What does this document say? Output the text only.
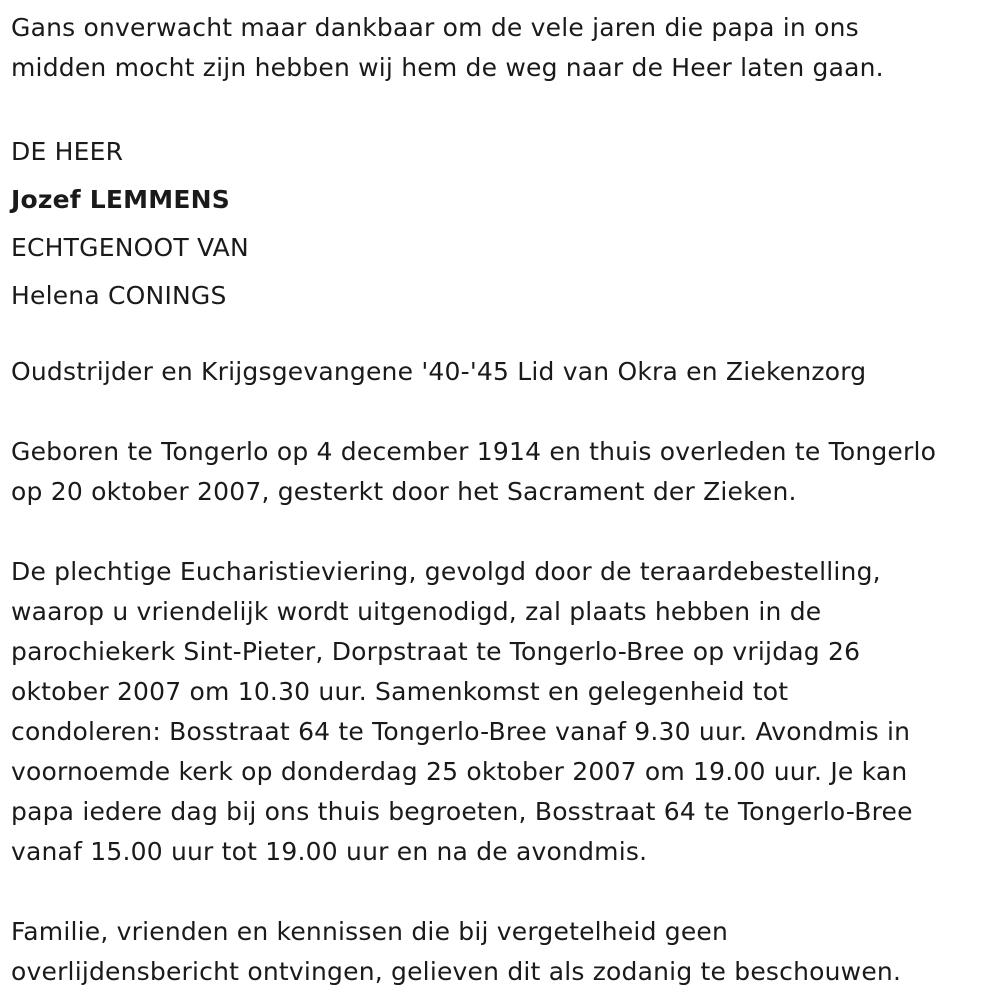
Gans onverwacht maar dankbaar om de vele jaren die papa in ons
midden mocht zijn hebben wij hem de weg naar de Heer laten gaan.

DE HEER
Jozef LEMMENS
ECHTGENOOT VAN
Helena CONINGS

Oudstrijder en Krijgsgevangene '40-'45 Lid van Okra en Ziekenzorg

Geboren te Tongerlo op 4 december 1914 en thuis overleden te Tongerlo
op 20 oktober 2007, gesterkt door het Sacrament der Zieken.

De plechtige Eucharistieviering, gevolgd door de teraardebestelling,
waarop u vriendelijk wordt uitgenodigd, zal plaats hebben in de
parochiekerk Sint-Pieter, Dorpstraat te Tongerlo-Bree op vrijdag 26
oktober 2007 om 10.30 uur. Samenkomst en gelegenheid tot
condoleren: Bosstraat 64 te Tongerlo-Bree vanaf 9.30 uur. Avondmis in
voornoemde kerk op donderdag 25 oktober 2007 om 19.00 uur. Je kan
papa iedere dag bij ons thuis begroeten, Bosstraat 64 te Tongerlo-Bree
vanaf 15.00 uur tot 19.00 uur en na de avondmis.

Familie, vrienden en kennissen die bij vergetelheid geen
overlijdensbericht ontvingen, gelieven dit als zodanig te beschouwen.
